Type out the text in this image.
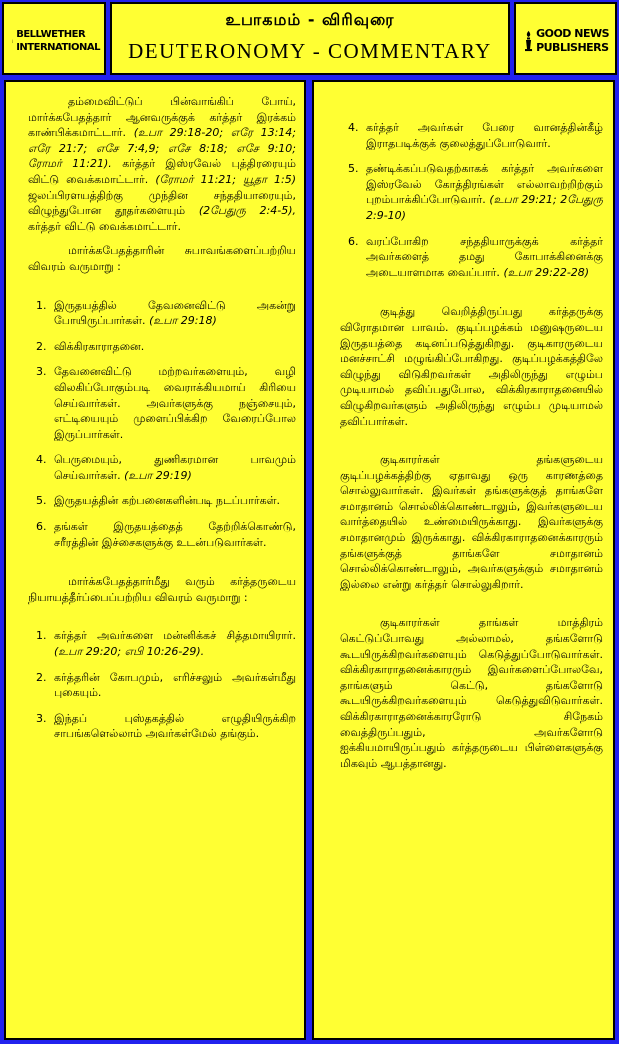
BELLWETHER INTERNATIONAL
உபாகமம் - விரிவுரை
DEUTERONOMY - COMMENTARY
GOOD NEWS PUBLISHERS

தம்மைவிட்டுப் பின்வாங்கிப் போய், மார்க்கபேதத்தார் ஆனவருக்குக் கர்த்தர் இரக்கம் காண்பிக்கமாட்டார். (உபா 29:18-20; எரே 13:14; எரே 21:7; எசே 7:4,9; எசே 8:18; எசே 9:10; ரோமர் 11:21). கர்த்தர் இஸ்ரவேல் புத்திரரையும் விட்டு வைக்கமாட்டார். (ரோமர் 11:21; யூதா 1:5) ஜலப்பிரளயத்திற்கு முந்தின சந்ததியாரையும், விழுந்துபோன தூதர்களையும் (2பேதுரு 2:4-5), கர்த்தர் விட்டு வைக்கமாட்டார்.

மார்க்கபேதத்தாரின் சுபாவங்களைப்பற்றிய விவரம் வருமாறு :

1. இருதயத்தில் தேவனைவிட்டு அகன்று போயிருப்பார்கள். (உபா 29:18)
2. விக்கிரகாராதனை.
3. தேவனைவிட்டு மற்றவர்களையும், வழி விலகிப்போகும்படி வைராக்கியமாய் கிரியை செய்வார்கள். அவர்களுக்கு நஞ்சையும், எட்டியையும் முளைப்பிக்கிற வேரைப்போல இருப்பார்கள்.
4. பெருமையும், துணிகரமான பாவமும் செய்வார்கள். (உபா 29:19)
5. இருதயத்தின் கற்பனைகளின்படி நடப்பார்கள்.
6. தங்கள் இருதயத்தைத் தேற்றிக்கொண்டு, சரீரத்தின் இச்சைகளுக்கு உடன்படுவார்கள்.

மார்க்கபேதத்தார்மீது வரும் கர்த்தருடைய நியாயத்தீர்ப்பைப்பற்றிய விவரம் வருமாறு :

1. கர்த்தர் அவர்களை மன்னிக்கச் சித்தமாயிரார். (உபா 29:20; எபி 10:26-29).
2. கர்த்தரின் கோபமும், எரிச்சலும் அவர்கள்மீது புகையும்.
3. இந்தப் புஸ்தகத்தில் எழுதியிருக்கிற சாபங்களெல்லாம் அவர்கள்மேல் தங்கும்.
4. கர்த்தர் அவர்கள் பேரை வானத்தின்கீழ் இராதபடிக்குக் குலைத்துப்போடுவார்.
5. தண்டிக்கப்படுவதற்காகக் கர்த்தர் அவர்களை இஸ்ரவேல் கோத்திரங்கள் எல்லாவற்றிற்கும் புறம்பாக்கிப்போடுவார். (உபா 29:21; 2பேதுரு 2:9-10)
6. வரப்போகிற சந்ததியாருக்குக் கர்த்தர் அவர்களைத் தமது கோபாக்கினைக்கு அடையாளமாக வைப்பார். (உபா 29:22-28)

குடித்து வெறித்திருப்பது கர்த்தருக்கு விரோதமான பாவம். குடிப்பழக்கம் மனுஷருடைய இருதயத்தை கடினப்படுத்துகிறது. குடிகாரருடைய மனச்சாட்சி மழுங்கிப்போகிறது. குடிப்பழக்கத்திலே விழுந்து விடுகிறவர்கள் அதிலிருந்து எழும்ப முடியாமல் தவிப்பதுபோல, விக்கிரகாராதனையில் விழுகிறவர்களும் அதிலிருந்து எழும்ப முடியாமல் தவிப்பார்கள்.

குடிகாரர்கள் தங்களுடைய குடிப்பழக்கத்திற்கு ஏதாவது ஒரு காரணத்தை சொல்லுவார்கள். இவர்கள் தங்களுக்குத் தாங்களே சமாதானம் சொல்லிக்கொண்டாலும், இவர்களுடைய வார்த்தையில் உண்மையிருக்காது. இவர்களுக்கு சமாதானமும் இருக்காது. விக்கிரகாராதனைக்காரரும் தங்களுக்குத் தாங்களே சமாதானம் சொல்லிக்கொண்டாலும், அவர்களுக்கும் சமாதானம் இல்லை என்று கர்த்தர் சொல்லுகிறார்.

குடிகாரர்கள் தாங்கள் மாத்திரம் கெட்டுப்போவது அல்லாமல், தங்களோடு கூடயிருக்கிறவர்களையும் கெடுத்துப்போடுவார்கள். விக்கிரகாராதனைக்காரரும் இவர்களைப்போலவே, தாங்களும் கெட்டு, தங்களோடு கூடயிருக்கிறவர்களையும் கெடுத்துவிடுவார்கள். விக்கிரகாராதனைக்காரரோடு சிநேகம் வைத்திருப்பதும், அவர்களோடு ஐக்கியமாயிருப்பதும் கர்த்தருடைய பிள்ளைகளுக்கு மிகவும் ஆபத்தானது.
